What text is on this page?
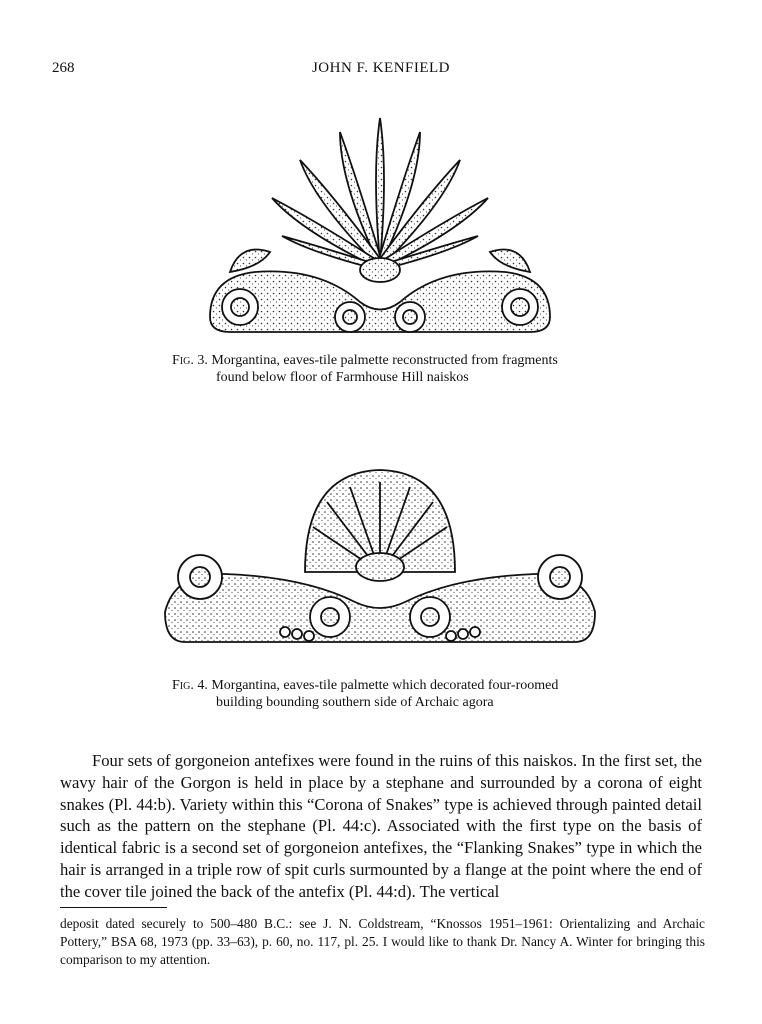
268	JOHN F. KENFIELD
Fig. 3. Morgantina, eaves-tile palmette reconstructed from fragments
found below floor of Farmhouse Hill naiskos
Fig. 4. Morgantina, eaves-tile palmette which decorated four-roomed
building bounding southern side of Archaic agora

Four sets of gorgoneion antefixes were found in the ruins of this naiskos. In the first set, the wavy hair of the Gorgon is held in place by a stephane and surrounded by a corona of eight snakes (Pl. 44:b). Variety within this “Corona of Snakes” type is achieved through painted detail such as the pattern on the stephane (Pl. 44:c). Associated with the first type on the basis of identical fabric is a second set of gorgoneion antefixes, the “Flanking Snakes” type in which the hair is arranged in a triple row of spit curls surmounted by a flange at the point where the end of the cover tile joined the back of the antefix (Pl. 44:d). The vertical

deposit dated securely to 500–480 B.C.: see J. N. Coldstream, “Knossos 1951–1961: Orientalizing and Archaic Pottery,” BSA 68, 1973 (pp. 33–63), p. 60, no. 117, pl. 25. I would like to thank Dr. Nancy A. Winter for bringing this comparison to my attention.
